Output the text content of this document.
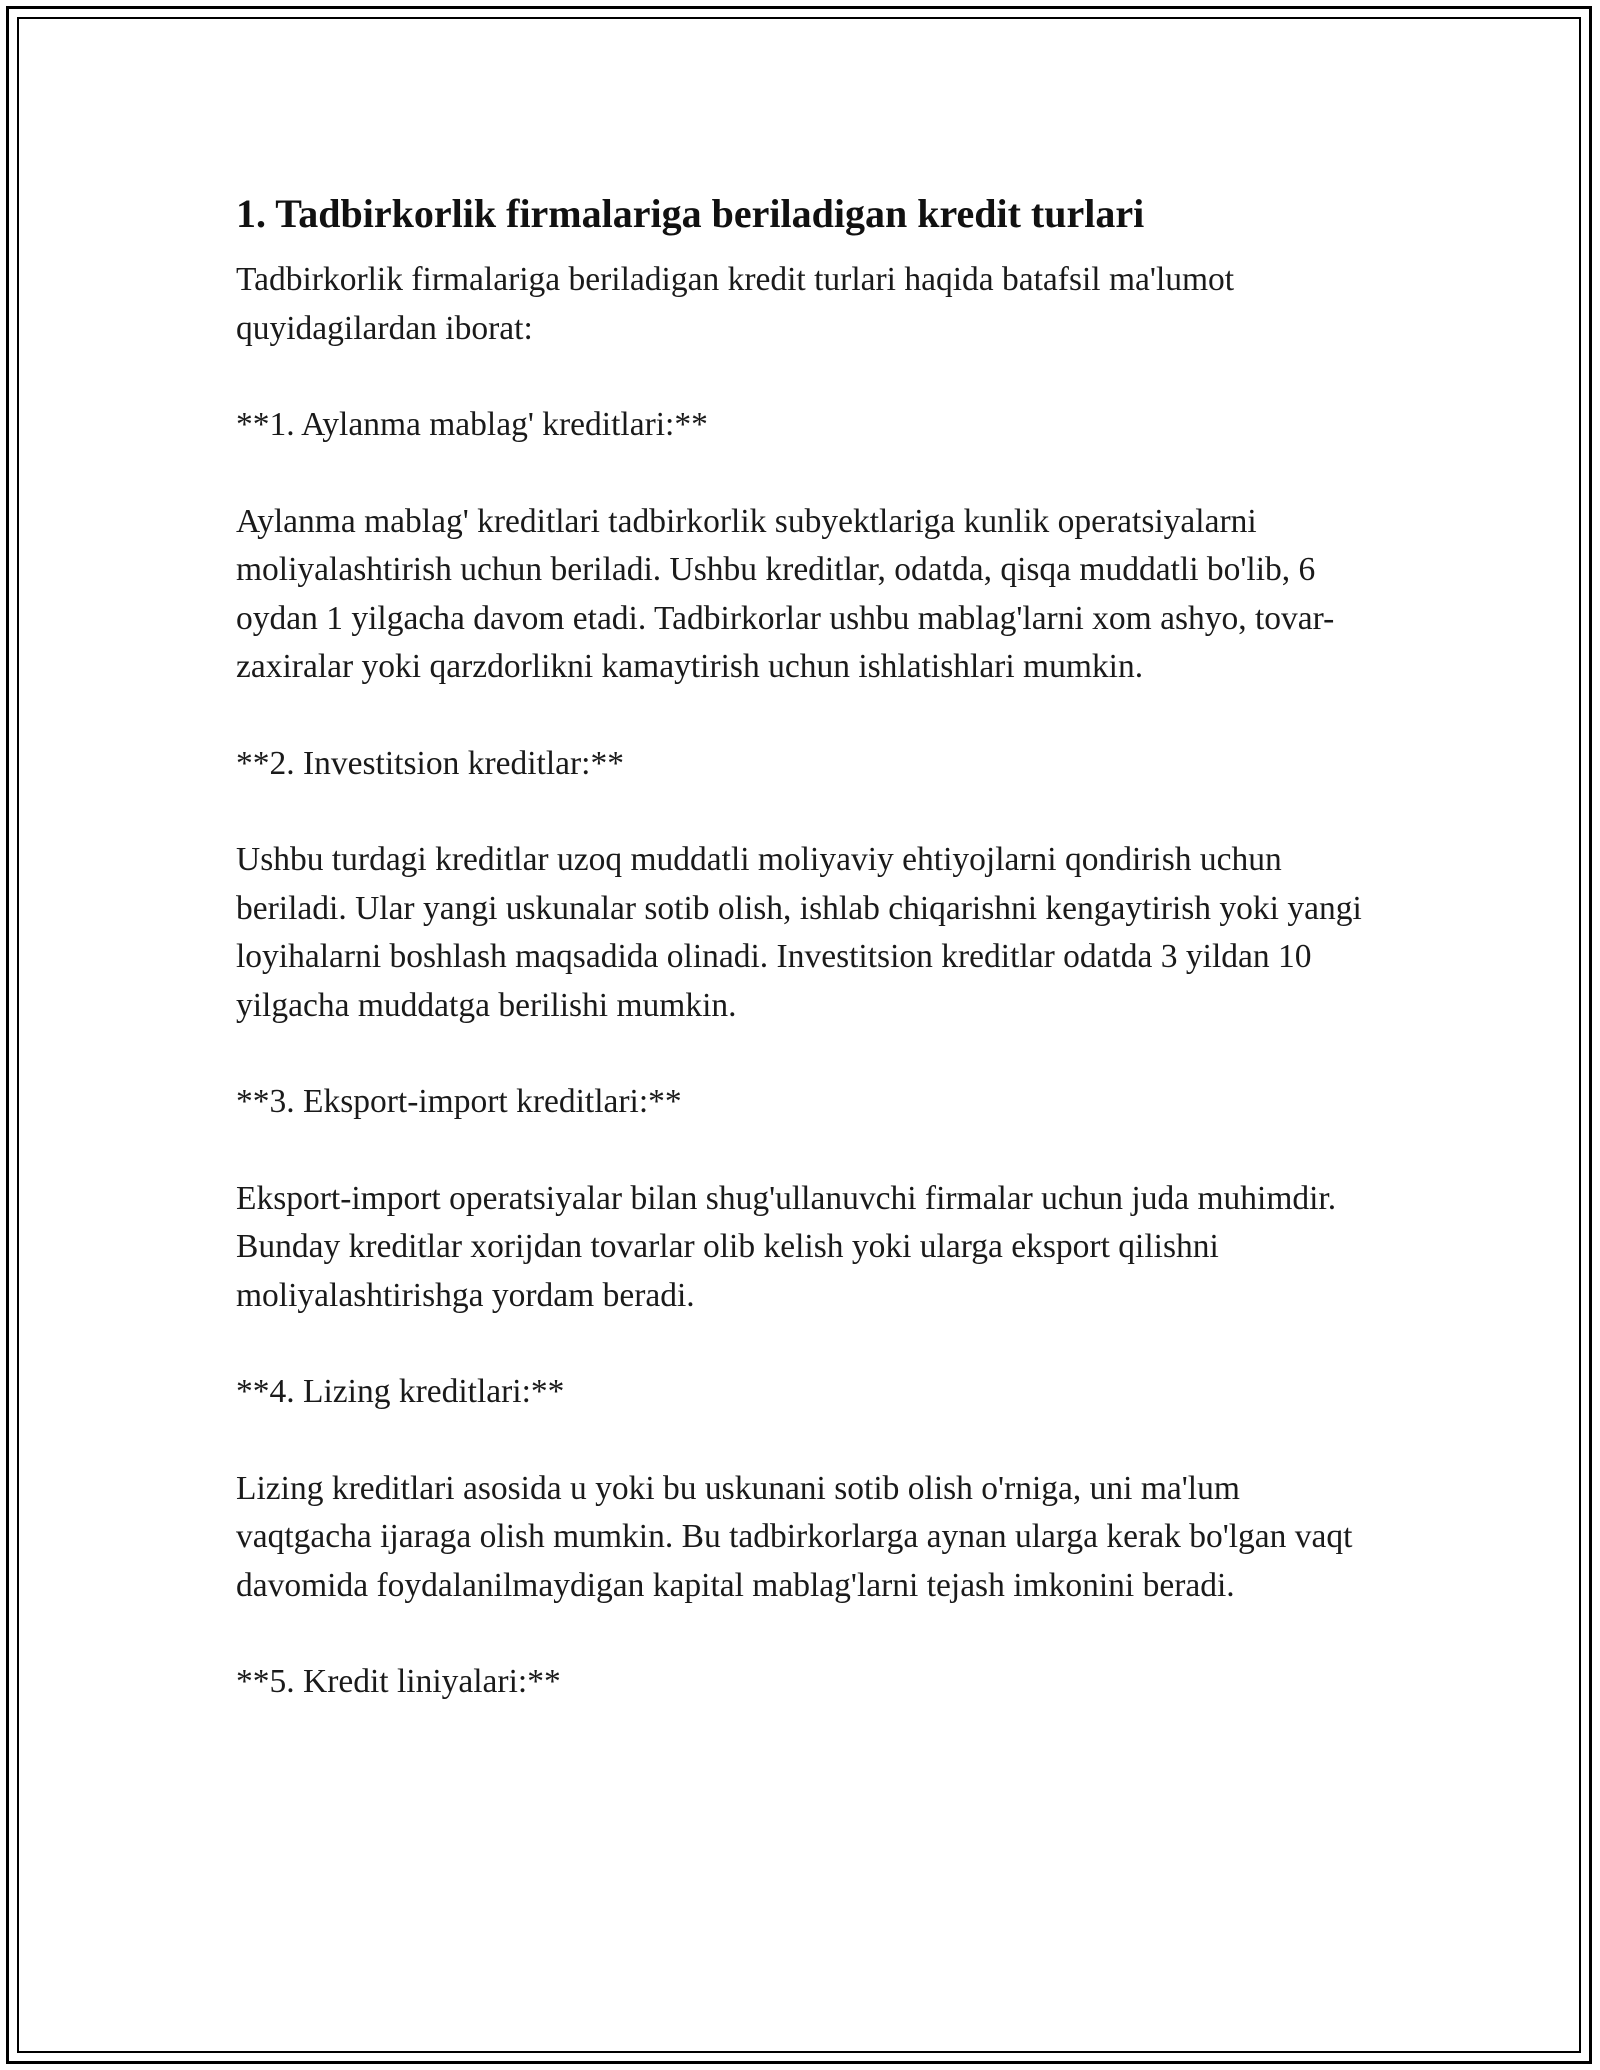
1. Tadbirkorlik firmalariga beriladigan kredit turlari

Tadbirkorlik firmalariga beriladigan kredit turlari haqida batafsil ma'lumot quyidagilardan iborat:

**1. Aylanma mablag' kreditlari:**

Aylanma mablag' kreditlari tadbirkorlik subyektlariga kunlik operatsiyalarni moliyalashtirish uchun beriladi. Ushbu kreditlar, odatda, qisqa muddatli bo'lib, 6 oydan 1 yilgacha davom etadi. Tadbirkorlar ushbu mablag'larni xom ashyo, tovar-zaxiralar yoki qarzdorlikni kamaytirish uchun ishlatishlari mumkin.

**2. Investitsion kreditlar:**

Ushbu turdagi kreditlar uzoq muddatli moliyaviy ehtiyojlarni qondirish uchun beriladi. Ular yangi uskunalar sotib olish, ishlab chiqarishni kengaytirish yoki yangi loyihalarni boshlash maqsadida olinadi. Investitsion kreditlar odatda 3 yildan 10 yilgacha muddatga berilishi mumkin.

**3. Eksport-import kreditlari:**

Eksport-import operatsiyalar bilan shug'ullanuvchi firmalar uchun juda muhimdir. Bunday kreditlar xorijdan tovarlar olib kelish yoki ularga eksport qilishni moliyalashtirishga yordam beradi.

**4. Lizing kreditlari:**

Lizing kreditlari asosida u yoki bu uskunani sotib olish o'rniga, uni ma'lum vaqtgacha ijaraga olish mumkin. Bu tadbirkorlarga aynan ularga kerak bo'lgan vaqt davomida foydalanilmaydigan kapital mablag'larni tejash imkonini beradi.

**5. Kredit liniyalari:**
